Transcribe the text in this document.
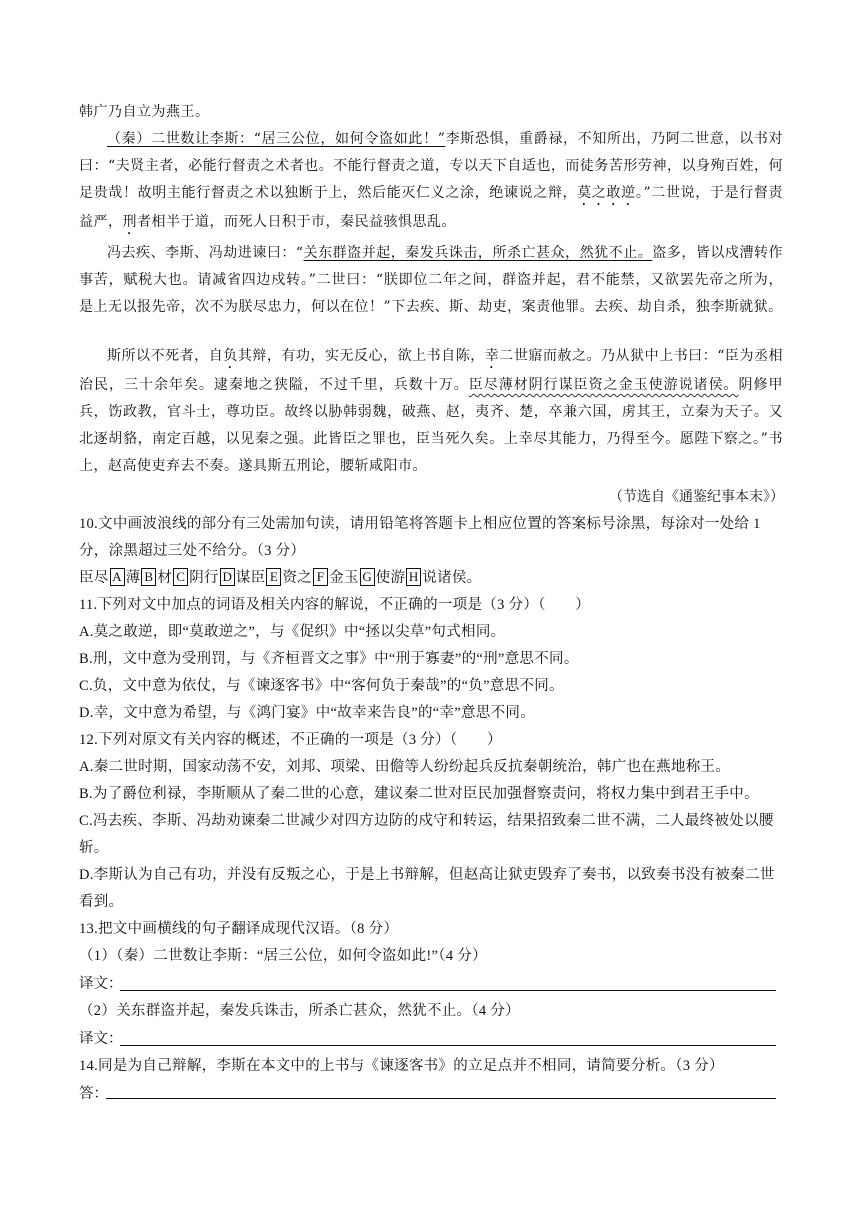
韩广乃自立为燕王。
（秦）二世数让李斯：“居三公位，如何令盗如此！”李斯恐惧，重爵禄，不知所出，乃阿二世意，以书对曰：“夫贤主者，必能行督责之术者也。不能行督责之道，专以天下自适也，而徒务苦形劳神，以身殉百姓，何足贵哉！故明主能行督责之术以独断于上，然后能灭仁义之涂，绝谏说之辩，莫之敢逆。”二世说，于是行督责益严，刑者相半于道，而死人日积于市，秦民益骇惧思乱。
冯去疾、李斯、冯劫进谏曰：“关东群盗并起，秦发兵诛击，所杀亡甚众，然犹不止。盗多，皆以戍漕转作事苦，赋税大也。请减省四边戍转。”二世曰：“朕即位二年之间，群盗并起，君不能禁，又欲罢先帝之所为，是上无以报先帝，次不为朕尽忠力，何以在位！”下去疾、斯、劫吏，案责他罪。去疾、劫自杀，独李斯就狱。
斯所以不死者，自负其辩，有功，实无反心，欲上书自陈，幸二世寤而赦之。乃从狱中上书曰：“臣为丞相治民，三十余年矣。逮秦地之狭隘，不过千里，兵数十万。臣尽薄材阴行谋臣资之金玉使游说诸侯。阴修甲兵，饬政教，官斗士，尊功臣。故终以胁韩弱魏，破燕、赵，夷齐、楚，卒兼六国，虏其王，立秦为天子。又北逐胡貉，南定百越，以见秦之强。此皆臣之罪也，臣当死久矣。上幸尽其能力，乃得至今。愿陛下察之。”书上，赵高使吏弃去不奏。遂具斯五刑论，腰斩咸阳市。
（节选自《通鉴纪事本末》）
10.文中画波浪线的部分有三处需加句读，请用铅笔将答题卡上相应位置的答案标号涂黑，每涂对一处给 1分，涂黑超过三处不给分。（3 分）
臣尽 A 薄 B 材 C 阴行 D 谋臣 E 资之 F 金玉 G 使游 H 说诸侯。
11.下列对文中加点的词语及相关内容的解说，不正确的一项是（3 分）（　　）
A.莫之敢逆，即“莫敢逆之”，与《促织》中“拯以尖草”句式相同。
B.刑，文中意为受刑罚，与《齐桓晋文之事》中“刑于寡妻”的“刑”意思不同。
C.负，文中意为依仗，与《谏逐客书》中“客何负于秦哉”的“负”意思不同。
D.幸，文中意为希望，与《鸿门宴》中“故幸来告良”的“幸”意思不同。
12.下列对原文有关内容的概述，不正确的一项是（3 分）（　　）
A.秦二世时期，国家动荡不安，刘邦、项梁、田儋等人纷纷起兵反抗秦朝统治，韩广也在燕地称王。
B.为了爵位利禄，李斯顺从了秦二世的心意，建议秦二世对臣民加强督察责问，将权力集中到君王手中。
C.冯去疾、李斯、冯劫劝谏秦二世减少对四方边防的戍守和转运，结果招致秦二世不满，二人最终被处以腰斩。
D.李斯认为自己有功，并没有反叛之心，于是上书辩解，但赵高让狱吏毁弃了奏书，以致奏书没有被秦二世看到。
13.把文中画横线的句子翻译成现代汉语。（8 分）
（1）（秦）二世数让李斯：“居三公位，如何令盗如此!”（4 分）
译文：
（2）关东群盗并起，秦发兵诛击，所杀亡甚众，然犹不止。（4 分）
译文：
14.同是为自己辩解，李斯在本文中的上书与《谏逐客书》的立足点并不相同，请简要分析。（3 分）
答：
